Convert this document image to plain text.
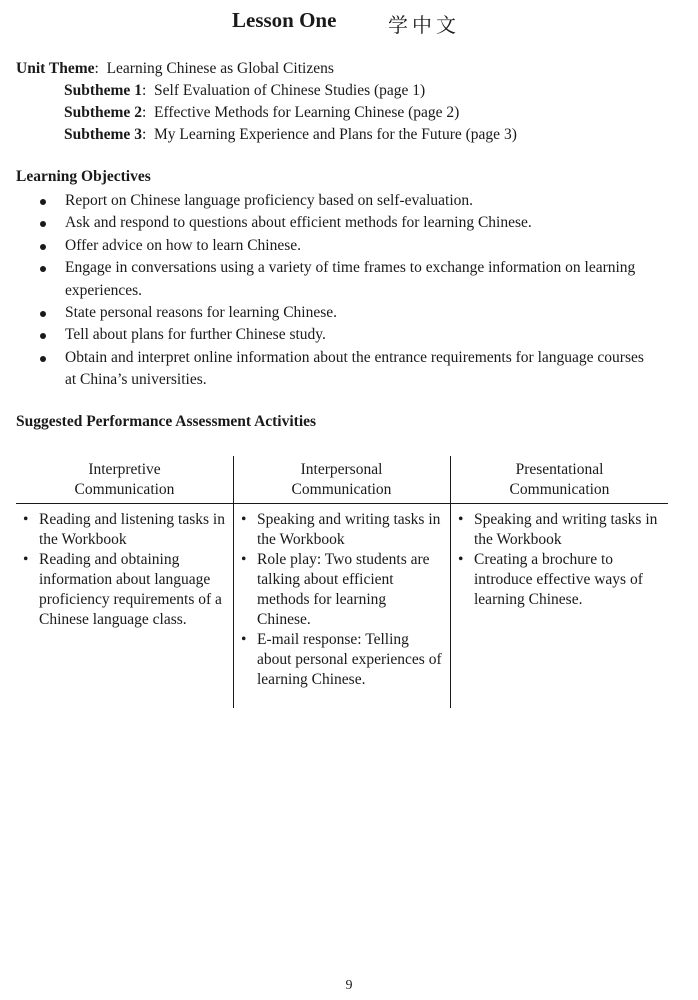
Lesson One	学中文
Unit Theme:  Learning Chinese as Global Citizens
Subtheme 1:  Self Evaluation of Chinese Studies (page 1)
Subtheme 2:  Effective Methods for Learning Chinese (page 2)
Subtheme 3:  My Learning Experience and Plans for the Future (page 3)
Learning Objectives
Report on Chinese language proficiency based on self-evaluation.
Ask and respond to questions about efficient methods for learning Chinese.
Offer advice on how to learn Chinese.
Engage in conversations using a variety of time frames to exchange information on learning experiences.
State personal reasons for learning Chinese.
Tell about plans for further Chinese study.
Obtain and interpret online information about the entrance requirements for language courses at China’s universities.
Suggested Performance Assessment Activities
Interpretive
Communication
Interpersonal
Communication
Presentational
Communication
• Reading and listening tasks in the Workbook
• Reading and obtaining information about language proficiency requirements of a Chinese language class.
• Speaking and writing tasks in the Workbook
• Role play: Two students are talking about efficient methods for learning Chinese.
• E-mail response: Telling about personal experiences of learning Chinese.
• Speaking and writing tasks in the Workbook
• Creating a brochure to introduce effective ways of learning Chinese.
9
